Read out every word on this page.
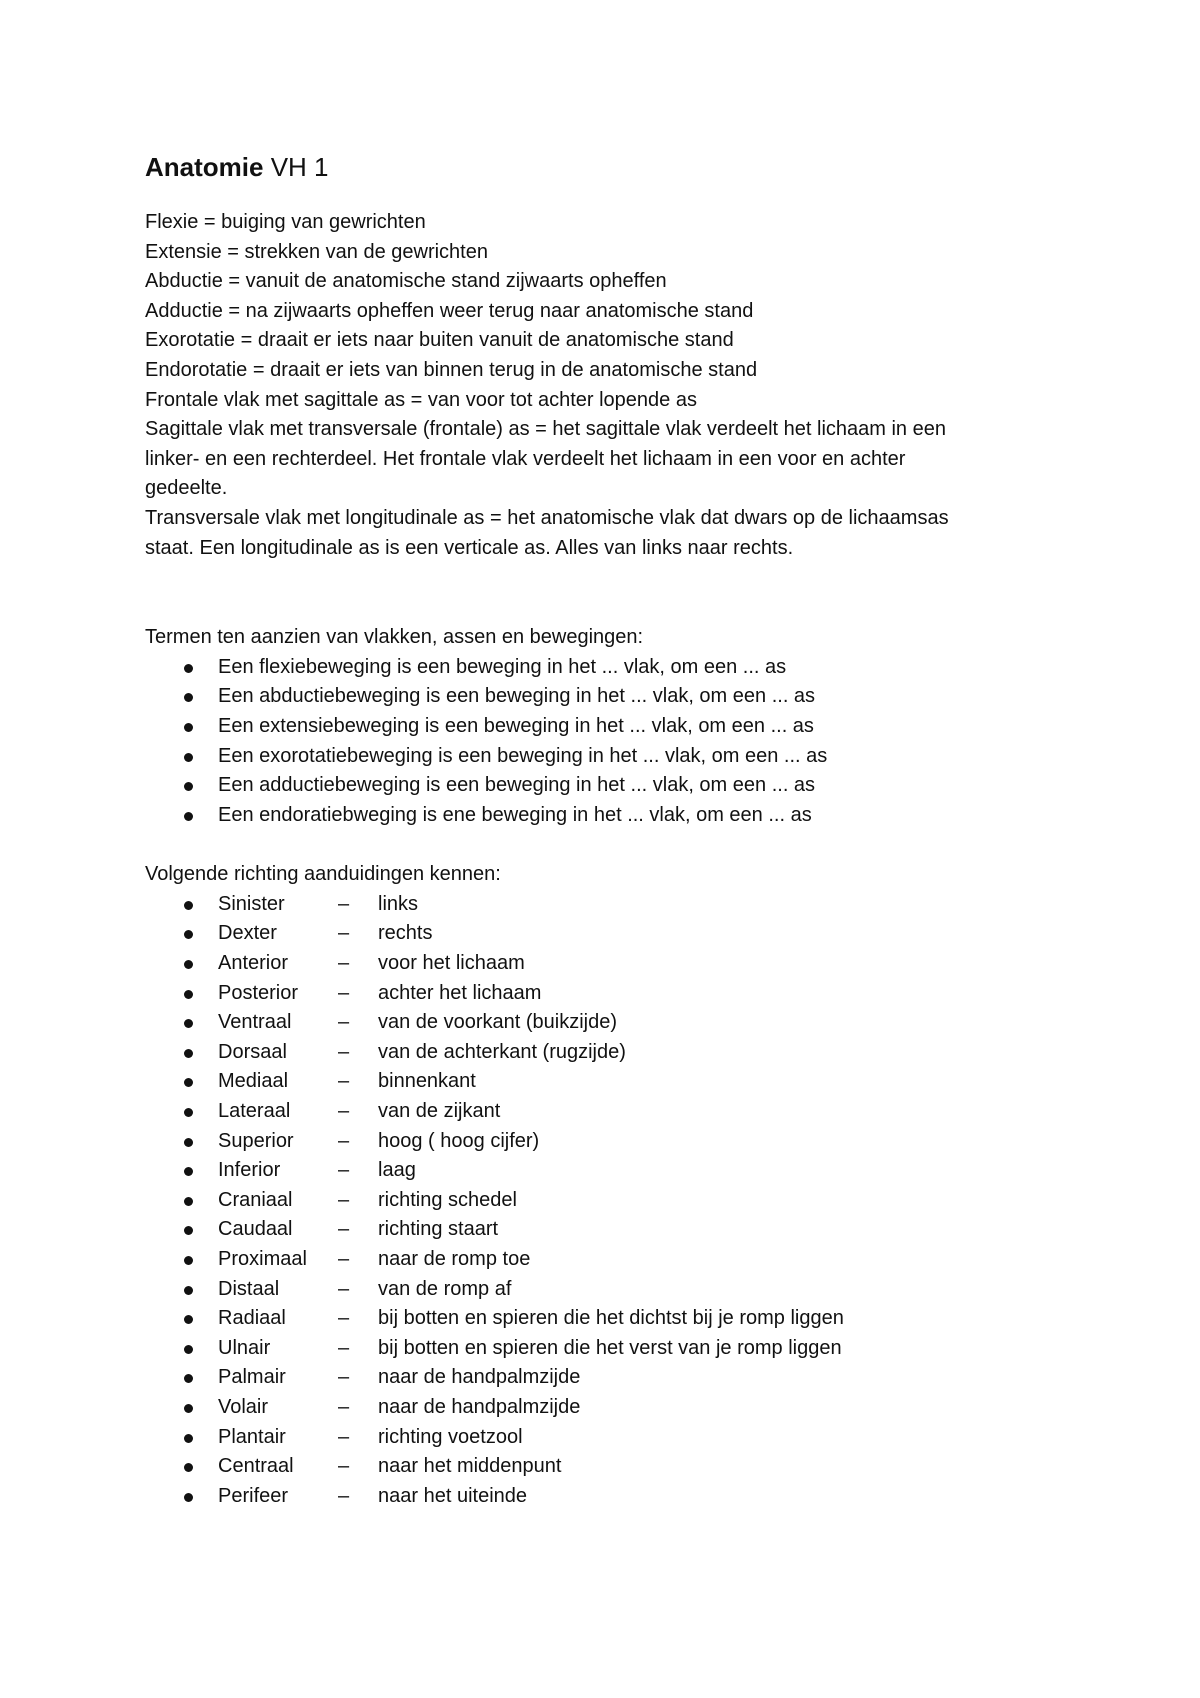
Anatomie VH 1

Flexie = buiging van gewrichten

Extensie = strekken van de gewrichten

Abductie = vanuit de anatomische stand zijwaarts opheffen

Adductie = na zijwaarts opheffen weer terug naar anatomische stand

Exorotatie = draait er iets naar buiten vanuit de anatomische stand

Endorotatie = draait er iets van binnen terug in de anatomische stand

Frontale vlak met sagittale as = van voor tot achter lopende as

Sagittale vlak met transversale (frontale) as = het sagittale vlak verdeelt het lichaam in een

linker- en een rechterdeel. Het frontale vlak verdeelt het lichaam in een voor en achter

gedeelte.

Transversale vlak met longitudinale as = het anatomische vlak dat dwars op de lichaamsas

staat. Een longitudinale as is een verticale as. Alles van links naar rechts.

Termen ten aanzien van vlakken, assen en bewegingen:

Een flexiebeweging is een beweging in het ... vlak, om een ... as
Een abductiebeweging is een beweging in het ... vlak, om een ... as
Een extensiebeweging is een beweging in het ... vlak, om een ... as
Een exorotatiebeweging is een beweging in het ... vlak, om een ... as
Een adductiebeweging is een beweging in het ... vlak, om een ... as
Een endoratiebweging is ene beweging in het ... vlak, om een ... as

Volgende richting aanduidingen kennen:

Sinister	– links
Dexter	– rechts
Anterior – voor het lichaam
Posterior – achter het lichaam
Ventraal – van de voorkant (buikzijde)
Dorsaal	– van de achterkant (rugzijde)
Mediaal – binnenkant
Lateraal – van de zijkant
Superior – hoog ( hoog cijfer)
Inferior	– laag
Craniaal – richting schedel
Caudaal – richting staart
Proximaal – naar de romp toe
Distaal	– van de romp af
Radiaal	– bij botten en spieren die het dichtst bij je romp liggen
Ulnair	– bij botten en spieren die het verst van je romp liggen
Palmair	– naar de handpalmzijde
Volair	– naar de handpalmzijde
Plantair	– richting voetzool
Centraal – naar het middenpunt
Perifeer – naar het uiteinde
